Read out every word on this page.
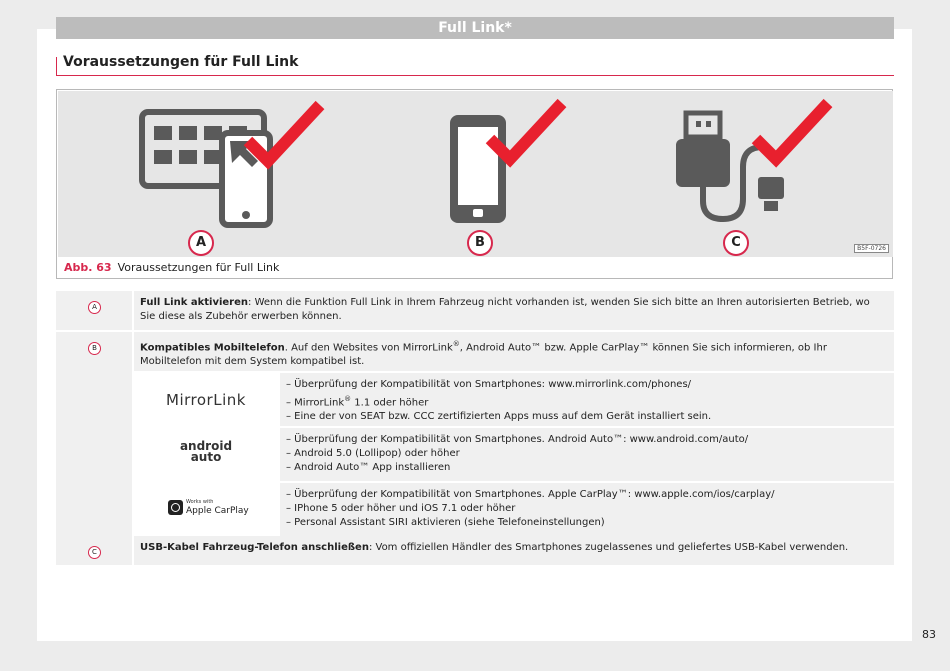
Full Link*
Voraussetzungen für Full Link
A	B	C	B5F-0726
Abb. 63 Voraussetzungen für Full Link
A	Full Link aktivieren: Wenn die Funktion Full Link in Ihrem Fahrzeug nicht vorhanden ist, wenden Sie sich bitte an Ihren autorisierten Betrieb, wo Sie diese als Zubehör erwerben können.
B	Kompatibles Mobiltelefon. Auf den Websites von MirrorLink®, Android Auto™ bzw. Apple CarPlay™ können Sie sich informieren, ob Ihr Mobiltelefon mit dem System kompatibel ist.
MirrorLink
– Überprüfung der Kompatibilität von Smartphones: www.mirrorlink.com/phones/
– MirrorLink® 1.1 oder höher
– Eine der von SEAT bzw. CCC zertifizierten Apps muss auf dem Gerät installiert sein.
android
auto
– Überprüfung der Kompatibilität von Smartphones. Android Auto™: www.android.com/auto/
– Android 5.0 (Lollipop) oder höher
– Android Auto™ App installieren
Works with
Apple CarPlay
– Überprüfung der Kompatibilität von Smartphones. Apple CarPlay™: www.apple.com/ios/carplay/
– IPhone 5 oder höher und iOS 7.1 oder höher
– Personal Assistant SIRI aktivieren (siehe Telefoneinstellungen)
C	USB-Kabel Fahrzeug-Telefon anschließen: Vom offiziellen Händler des Smartphones zugelassenes und geliefertes USB-Kabel verwenden.
83
